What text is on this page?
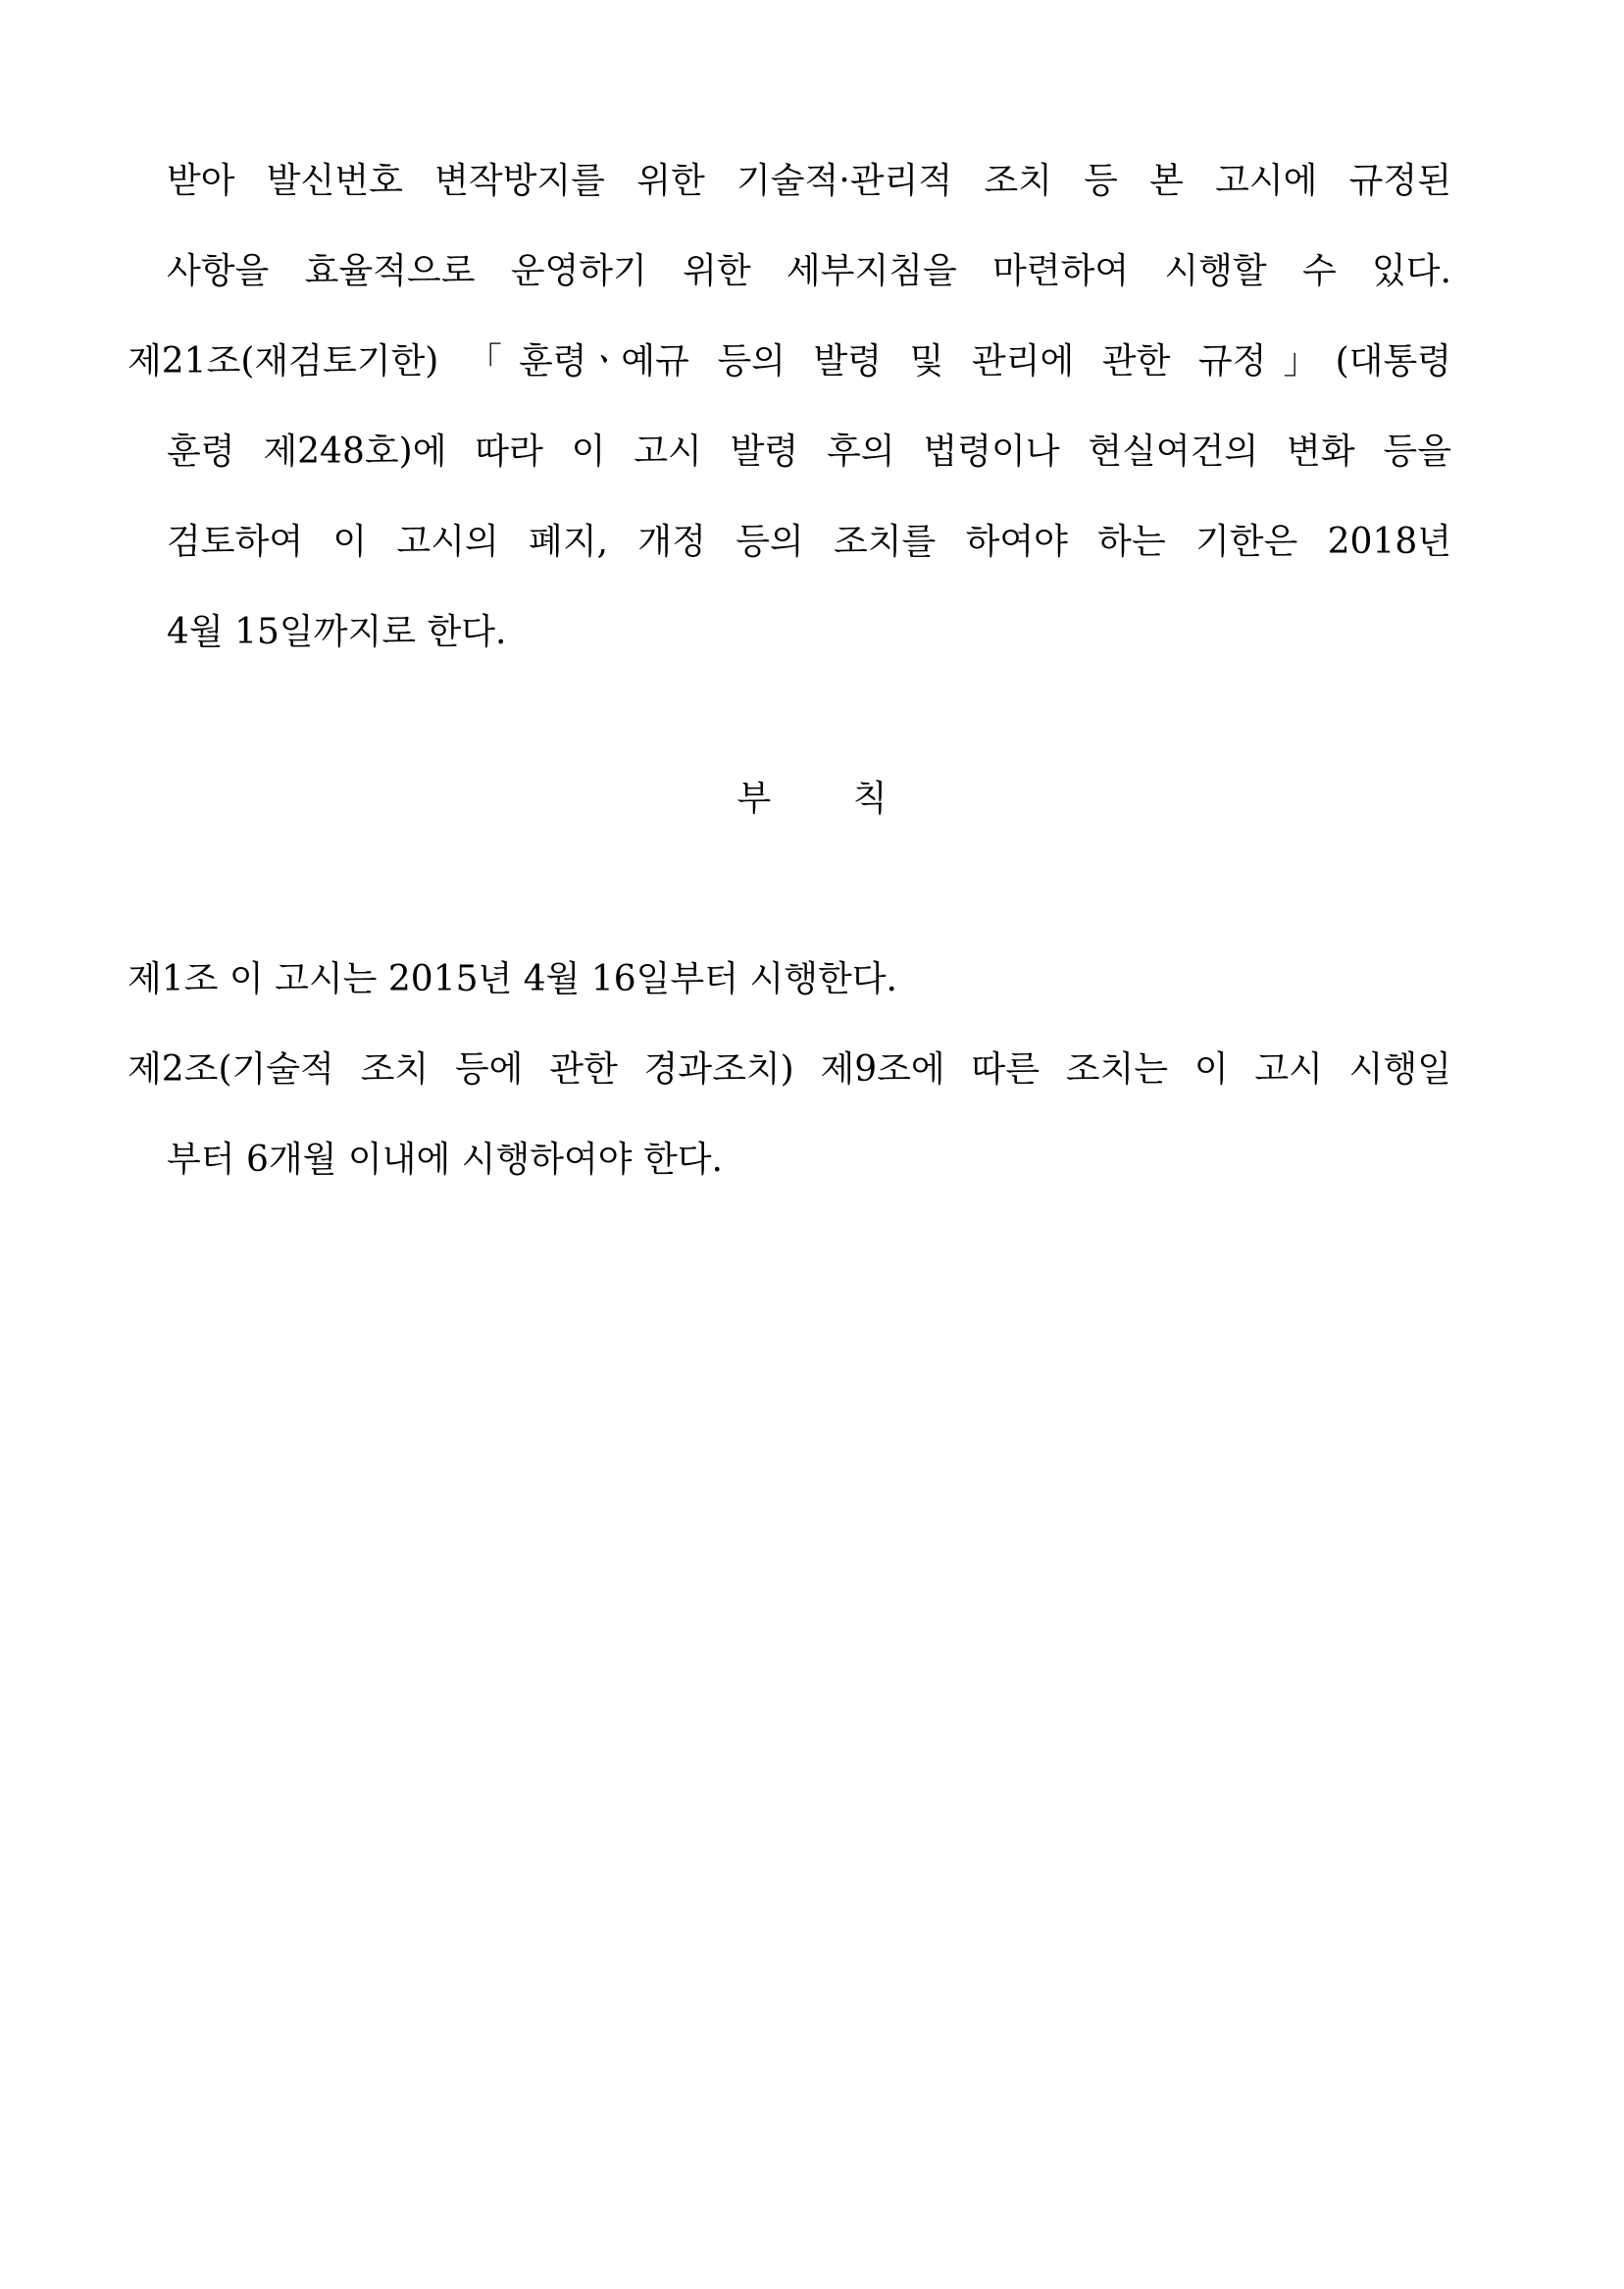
받아 발신번호 변작방지를 위한 기술적·관리적 조치 등 본 고시에 규정된
사항을 효율적으로 운영하기 위한 세부지침을 마련하여 시행할 수 있다.
제21조(재검토기한) 「훈령ㆍ예규 등의 발령 및 관리에 관한 규정」(대통령
훈령 제248호)에 따라 이 고시 발령 후의 법령이나 현실여건의 변화 등을
검토하여 이 고시의 폐지, 개정 등의 조치를 하여야 하는 기한은 2018년
4월 15일까지로 한다.
부 칙
제1조 이 고시는 2015년 4월 16일부터 시행한다.
제2조(기술적 조치 등에 관한 경과조치) 제9조에 따른 조치는 이 고시 시행일
부터 6개월 이내에 시행하여야 한다.
